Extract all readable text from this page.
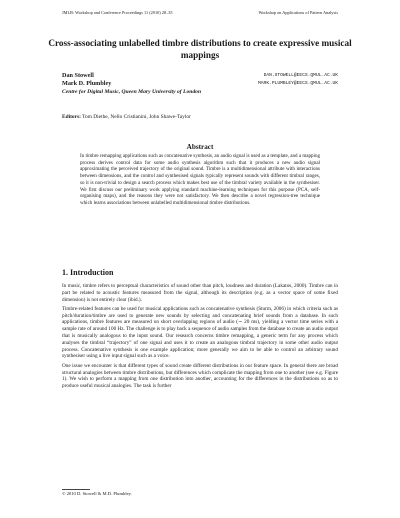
JMLR: Workshop and Conference Proceedings 11 (2010) 28–35	Workshop on Applications of Pattern Analysis
Cross-associating unlabelled timbre distributions to create expressive musical mappings
Dan Stowell	DAN.STOWELL@EECS.QMUL.AC.UK
Mark D. Plumbley	MARK.PLUMBLEY@EECS.QMUL.AC.UK
Centre for Digital Music, Queen Mary University of London
Editors: Tom Diethe, Nello Cristianini, John Shawe-Taylor
Abstract
In timbre remapping applications such as concatenative synthesis, an audio signal is used as a template, and a mapping process derives control data for some audio synthesis algorithm such that it produces a new audio signal approximating the perceived trajectory of the original sound. Timbre is a multidimensional attribute with interactions between dimensions, and the control and synthesised signals typically represent sounds with different timbral ranges, so it is non-trivial to design a search process which makes best use of the timbral variety available in the synthesiser. We first discuss our preliminary work applying standard machine-learning techniques for this purpose (PCA, self-organising maps), and the reasons they were not satisfactory. We then describe a novel regression-tree technique which learns associations between unlabelled multidimensional timbre distributions.
1. Introduction

In music, timbre refers to perceptual characteristics of sound other than pitch, loudness and duration (Lakatos, 2000). Timbre can in part be related to acoustic features measured from the signal, although its description (e.g. as a vector space of some fixed dimension) is not entirely clear (ibid.).

Timbre-related features can be used for musical applications such as concatenative synthesis (Sturm, 2006) in which criteria such as pitch/duration/timbre are used to generate new sounds by selecting and concatenating brief sounds from a database. In such applications, timbre features are measured on short overlapping regions of audio (∼ 20 ms), yielding a vector time series with a sample rate of around 100 Hz. The challenge is to play back a sequence of audio samples from the database to create an audio output that is musically analogous to the input sound. Our research concerns timbre remapping, a generic term for any process which analyses the timbral “trajectory” of one signal and uses it to create an analogous timbral trajectory in some other audio output process. Concatenative synthesis is one example application; more generally we aim to be able to control an arbitrary sound synthesiser using a live input signal such as a voice.

One issue we encounter is that different types of sound create different distributions in our feature space. In general there are broad structural analogies between timbre distributions, but differences which complicate the mapping from one to another (see e.g. Figure 1). We wish to perform a mapping from one distribution into another, accounting for the differences in the distributions so as to produce useful musical analogies. The task is further

© 2010 D. Stowell & M.D. Plumbley.
